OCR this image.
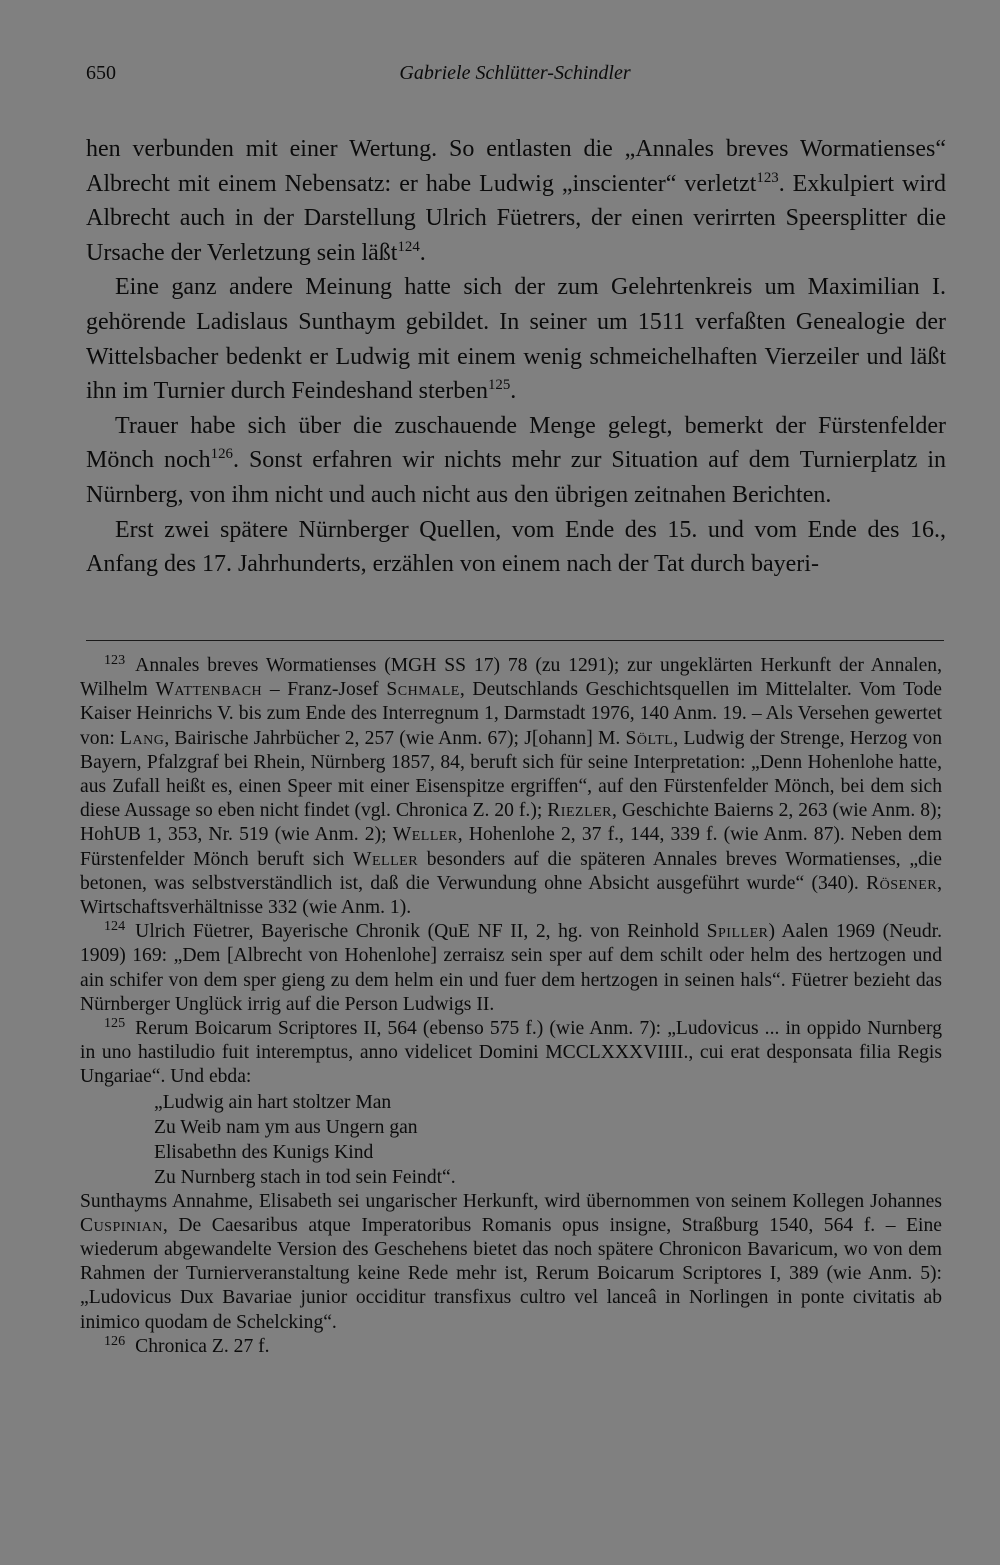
650	Gabriele Schlütter-Schindler

hen verbunden mit einer Wertung. So entlasten die „Annales breves Wormatienses“ Albrecht mit einem Nebensatz: er habe Ludwig „inscienter“ verletzt$^{123}$. Exkulpiert wird Albrecht auch in der Darstellung Ulrich Füetrers, der einen verirrten Speersplitter die Ursache der Verletzung sein läßt$^{124}$.

Eine ganz andere Meinung hatte sich der zum Gelehrtenkreis um Maximilian I. gehörende Ladislaus Sunthaym gebildet. In seiner um 1511 verfaßten Genealogie der Wittelsbacher bedenkt er Ludwig mit einem wenig schmeichelhaften Vierzeiler und läßt ihn im Turnier durch Feindeshand sterben$^{125}$.

Trauer habe sich über die zuschauende Menge gelegt, bemerkt der Fürstenfelder Mönch noch$^{126}$. Sonst erfahren wir nichts mehr zur Situation auf dem Turnierplatz in Nürnberg, von ihm nicht und auch nicht aus den übrigen zeitnahen Berichten.

Erst zwei spätere Nürnberger Quellen, vom Ende des 15. und vom Ende des 16., Anfang des 17. Jahrhunderts, erzählen von einem nach der Tat durch bayeri-

$^{123}$ Annales breves Wormatienses (MGH SS 17) 78 (zu 1291); zur ungeklärten Herkunft der Annalen, Wilhelm Wattenbach – Franz-Josef Schmale, Deutschlands Geschichtsquellen im Mittelalter. Vom Tode Kaiser Heinrichs V. bis zum Ende des Interregnum 1, Darmstadt 1976, 140 Anm. 19. – Als Versehen gewertet von: Lang, Bairische Jahrbücher 2, 257 (wie Anm. 67); J[ohann] M. Söltl, Ludwig der Strenge, Herzog von Bayern, Pfalzgraf bei Rhein, Nürnberg 1857, 84, beruft sich für seine Interpretation: „Denn Hohenlohe hatte, aus Zufall heißt es, einen Speer mit einer Eisenspitze ergriffen“, auf den Fürstenfelder Mönch, bei dem sich diese Aussage so eben nicht findet (vgl. Chronica Z. 20 f.); Riezler, Geschichte Baierns 2, 263 (wie Anm. 8); HohUB 1, 353, Nr. 519 (wie Anm. 2); Weller, Hohenlohe 2, 37 f., 144, 339 f. (wie Anm. 87). Neben dem Fürstenfelder Mönch beruft sich Weller besonders auf die späteren Annales breves Wormatienses, „die betonen, was selbstverständlich ist, daß die Verwundung ohne Absicht ausgeführt wurde“ (340). Rösener, Wirtschaftsverhältnisse 332 (wie Anm. 1).

$^{124}$ Ulrich Füetrer, Bayerische Chronik (QuE NF II, 2, hg. von Reinhold Spiller) Aalen 1969 (Neudr. 1909) 169: „Dem [Albrecht von Hohenlohe] zerraisz sein sper auf dem schilt oder helm des hertzogen und ain schifer von dem sper gieng zu dem helm ein und fuer dem hertzogen in seinen hals“. Füetrer bezieht das Nürnberger Unglück irrig auf die Person Ludwigs II.

$^{125}$ Rerum Boicarum Scriptores II, 564 (ebenso 575 f.) (wie Anm. 7): „Ludovicus ... in oppido Nurnberg in uno hastiludio fuit interemptus, anno videlicet Domini MCCLXXXVIIII., cui erat desponsata filia Regis Ungariae“. Und ebda:

„Ludwig ain hart stoltzer Man
Zu Weib nam ym aus Ungern gan
Elisabethn des Kunigs Kind
Zu Nurnberg stach in tod sein Feindt“.

Sunthayms Annahme, Elisabeth sei ungarischer Herkunft, wird übernommen von seinem Kollegen Johannes Cuspinian, De Caesaribus atque Imperatoribus Romanis opus insigne, Straßburg 1540, 564 f. – Eine wiederum abgewandelte Version des Geschehens bietet das noch spätere Chronicon Bavaricum, wo von dem Rahmen der Turnierveranstaltung keine Rede mehr ist, Rerum Boicarum Scriptores I, 389 (wie Anm. 5): „Ludovicus Dux Bavariae junior occiditur transfixus cultro vel lanceâ in Norlingen in ponte civitatis ab inimico quodam de Schelcking“.

$^{126}$ Chronica Z. 27 f.
